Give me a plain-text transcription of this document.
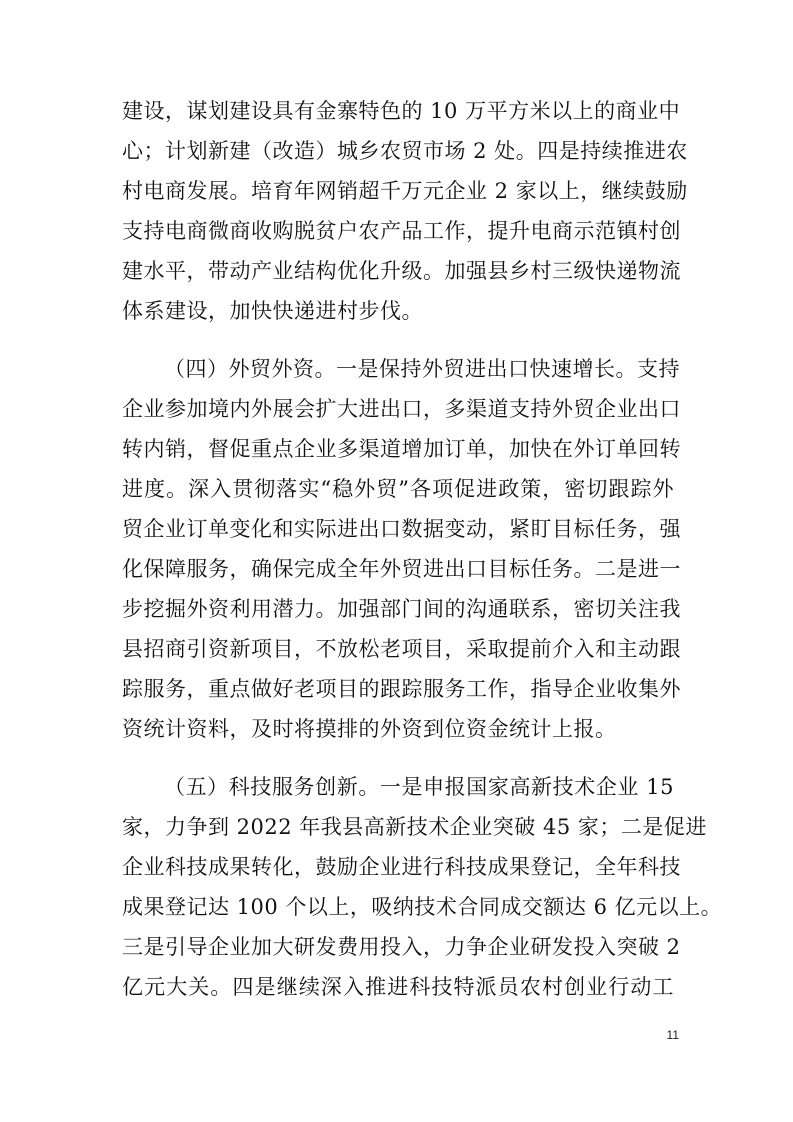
建设，谋划建设具有金寨特色的 10 万平方米以上的商业中
心；计划新建（改造）城乡农贸市场 2 处。四是持续推进农
村电商发展。培育年网销超千万元企业 2 家以上，继续鼓励
支持电商微商收购脱贫户农产品工作，提升电商示范镇村创
建水平，带动产业结构优化升级。加强县乡村三级快递物流
体系建设，加快快递进村步伐。
（四）外贸外资。一是保持外贸进出口快速增长。支持
企业参加境内外展会扩大进出口，多渠道支持外贸企业出口
转内销，督促重点企业多渠道增加订单，加快在外订单回转
进度。深入贯彻落实“稳外贸”各项促进政策，密切跟踪外
贸企业订单变化和实际进出口数据变动，紧盯目标任务，强
化保障服务，确保完成全年外贸进出口目标任务。二是进一
步挖掘外资利用潜力。加强部门间的沟通联系，密切关注我
县招商引资新项目，不放松老项目，采取提前介入和主动跟
踪服务，重点做好老项目的跟踪服务工作，指导企业收集外
资统计资料，及时将摸排的外资到位资金统计上报。
（五）科技服务创新。一是申报国家高新技术企业 15
家，力争到 2022 年我县高新技术企业突破 45 家；二是促进
企业科技成果转化，鼓励企业进行科技成果登记，全年科技
成果登记达 100 个以上，吸纳技术合同成交额达 6 亿元以上。
三是引导企业加大研发费用投入，力争企业研发投入突破 2
亿元大关。四是继续深入推进科技特派员农村创业行动工
11
